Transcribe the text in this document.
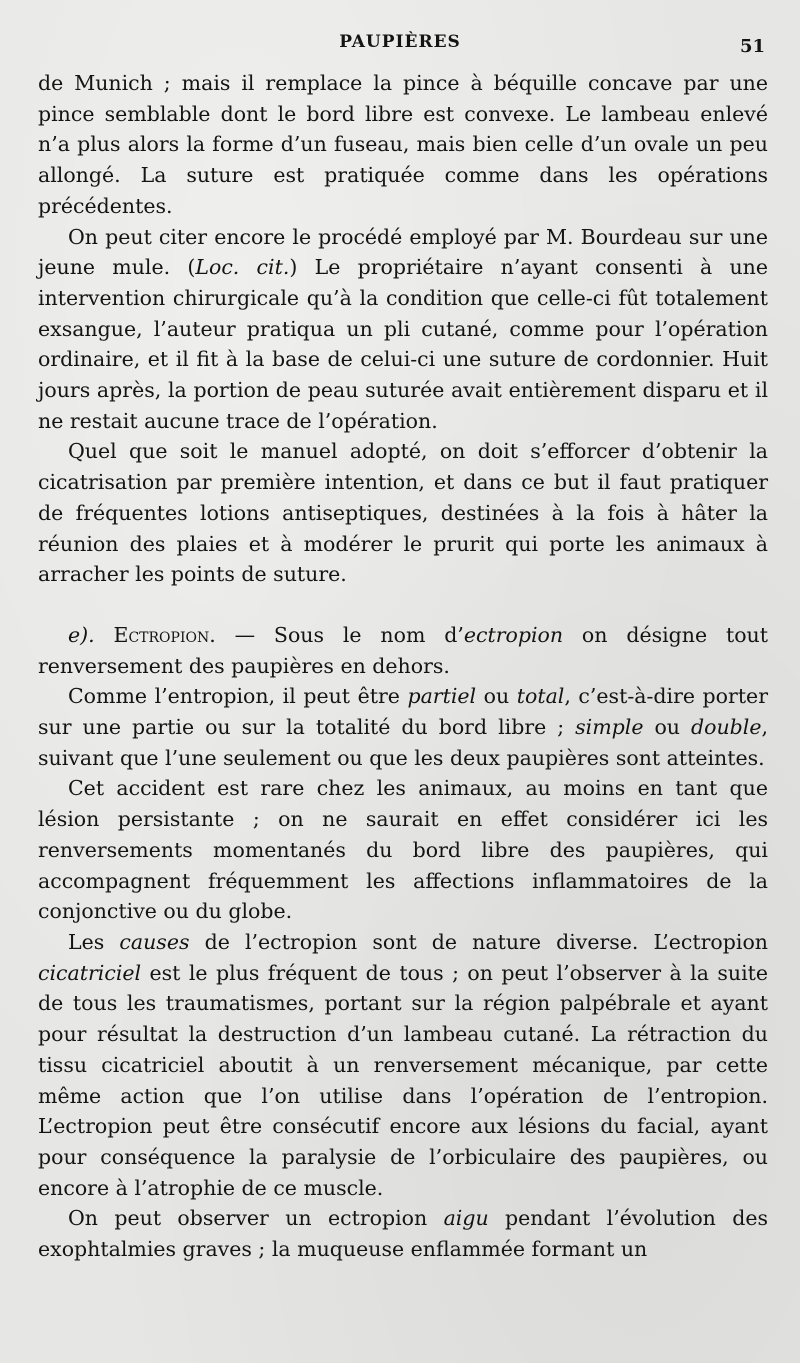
PAUPIÈRES	51

de Munich ; mais il remplace la pince à béquille concave par une pince semblable dont le bord libre est convexe. Le lambeau enlevé n’a plus alors la forme d’un fuseau, mais bien celle d’un ovale un peu allongé. La suture est pratiquée comme dans les opérations précédentes.

On peut citer encore le procédé employé par M. Bourdeau sur une jeune mule. (Loc. cit.) Le propriétaire n’ayant consenti à une intervention chirurgicale qu’à la condition que celle-ci fût totalement exsangue, l’auteur pratiqua un pli cutané, comme pour l’opération ordinaire, et il fit à la base de celui-ci une suture de cordonnier. Huit jours après, la portion de peau suturée avait entièrement disparu et il ne restait aucune trace de l’opération.

Quel que soit le manuel adopté, on doit s’efforcer d’obtenir la cicatrisation par première intention, et dans ce but il faut pratiquer de fréquentes lotions antiseptiques, destinées à la fois à hâter la réunion des plaies et à modérer le prurit qui porte les animaux à arracher les points de suture.

e). Ectropion. — Sous le nom d’ectropion on désigne tout renversement des paupières en dehors.

Comme l’entropion, il peut être partiel ou total, c’est-à-dire porter sur une partie ou sur la totalité du bord libre ; simple ou double, suivant que l’une seulement ou que les deux paupières sont atteintes.

Cet accident est rare chez les animaux, au moins en tant que lésion persistante ; on ne saurait en effet considérer ici les renversements momentanés du bord libre des paupières, qui accompagnent fréquemment les affections inflammatoires de la conjonctive ou du globe.

Les causes de l’ectropion sont de nature diverse. L’ectropion cicatriciel est le plus fréquent de tous ; on peut l’observer à la suite de tous les traumatismes, portant sur la région palpébrale et ayant pour résultat la destruction d’un lambeau cutané. La rétraction du tissu cicatriciel aboutit à un renversement mécanique, par cette même action que l’on utilise dans l’opération de l’entropion. L’ectropion peut être consécutif encore aux lésions du facial, ayant pour conséquence la paralysie de l’orbiculaire des paupières, ou encore à l’atrophie de ce muscle.

On peut observer un ectropion aigu pendant l’évolution des exophtalmies graves ; la muqueuse enflammée formant un
